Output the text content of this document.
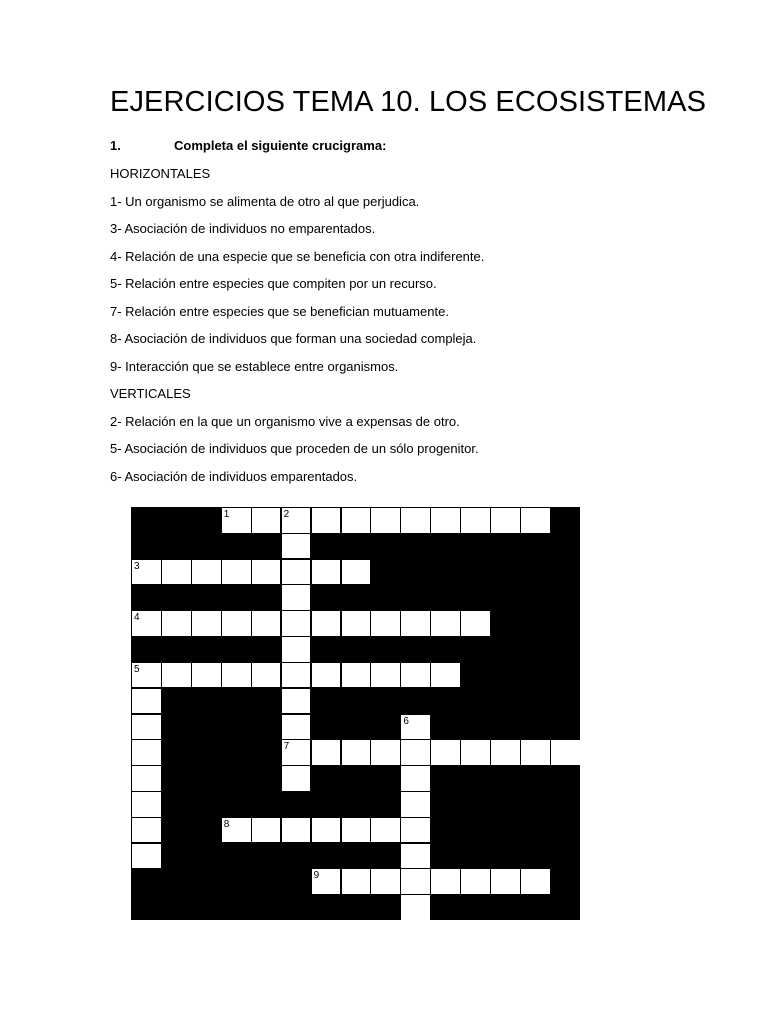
EJERCICIOS TEMA 10. LOS ECOSISTEMAS
1.	Completa el siguiente crucigrama:
HORIZONTALES
1- Un organismo se alimenta de otro al que perjudica.
3- Asociación de individuos no emparentados.
4- Relación de una especie que se beneficia con otra indiferente.
5- Relación entre especies que compiten por un recurso.
7- Relación entre especies que se benefician mutuamente.
8- Asociación de individuos que forman una sociedad compleja.
9- Interacción que se establece entre organismos.
VERTICALES
2- Relación en la que un organismo vive a expensas de otro.
5- Asociación de individuos que proceden de un sólo progenitor.
6- Asociación de individuos emparentados.
1	2
3
4
5
6
7
8
9
